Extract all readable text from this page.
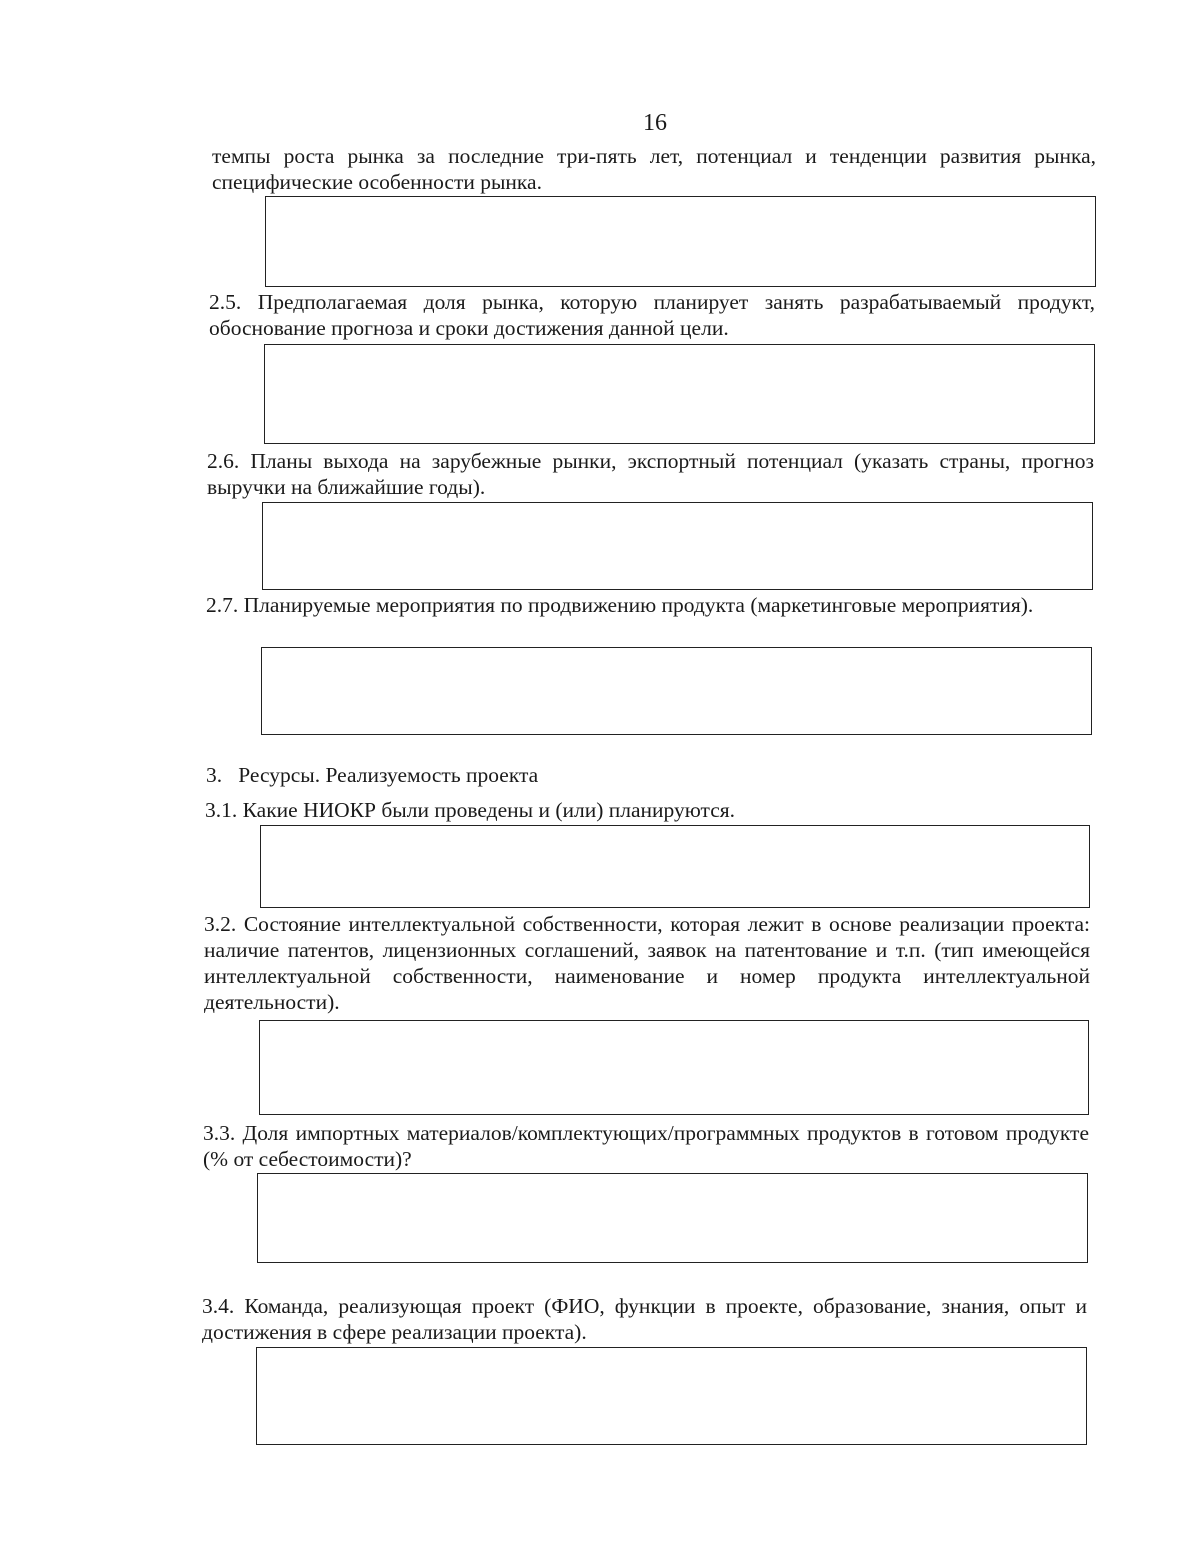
16
темпы роста рынка за последние три-пять лет, потенциал и тенденции развития рынка, специфические особенности рынка.
2.5. Предполагаемая доля рынка, которую планирует занять разрабатываемый продукт, обоснование прогноза и сроки достижения данной цели.
2.6. Планы выхода на зарубежные рынки, экспортный потенциал (указать страны, прогноз выручки на ближайшие годы).
2.7. Планируемые мероприятия по продвижению продукта (маркетинговые мероприятия).
3. Ресурсы. Реализуемость проекта
3.1. Какие НИОКР были проведены и (или) планируются.
3.2. Состояние интеллектуальной собственности, которая лежит в основе реализации проекта: наличие патентов, лицензионных соглашений, заявок на патентование и т.п. (тип имеющейся интеллектуальной собственности, наименование и номер продукта интеллектуальной деятельности).
3.3. Доля импортных материалов/комплектующих/программных продуктов в готовом продукте (% от себестоимости)?
3.4. Команда, реализующая проект (ФИО, функции в проекте, образование, знания, опыт и достижения в сфере реализации проекта).
